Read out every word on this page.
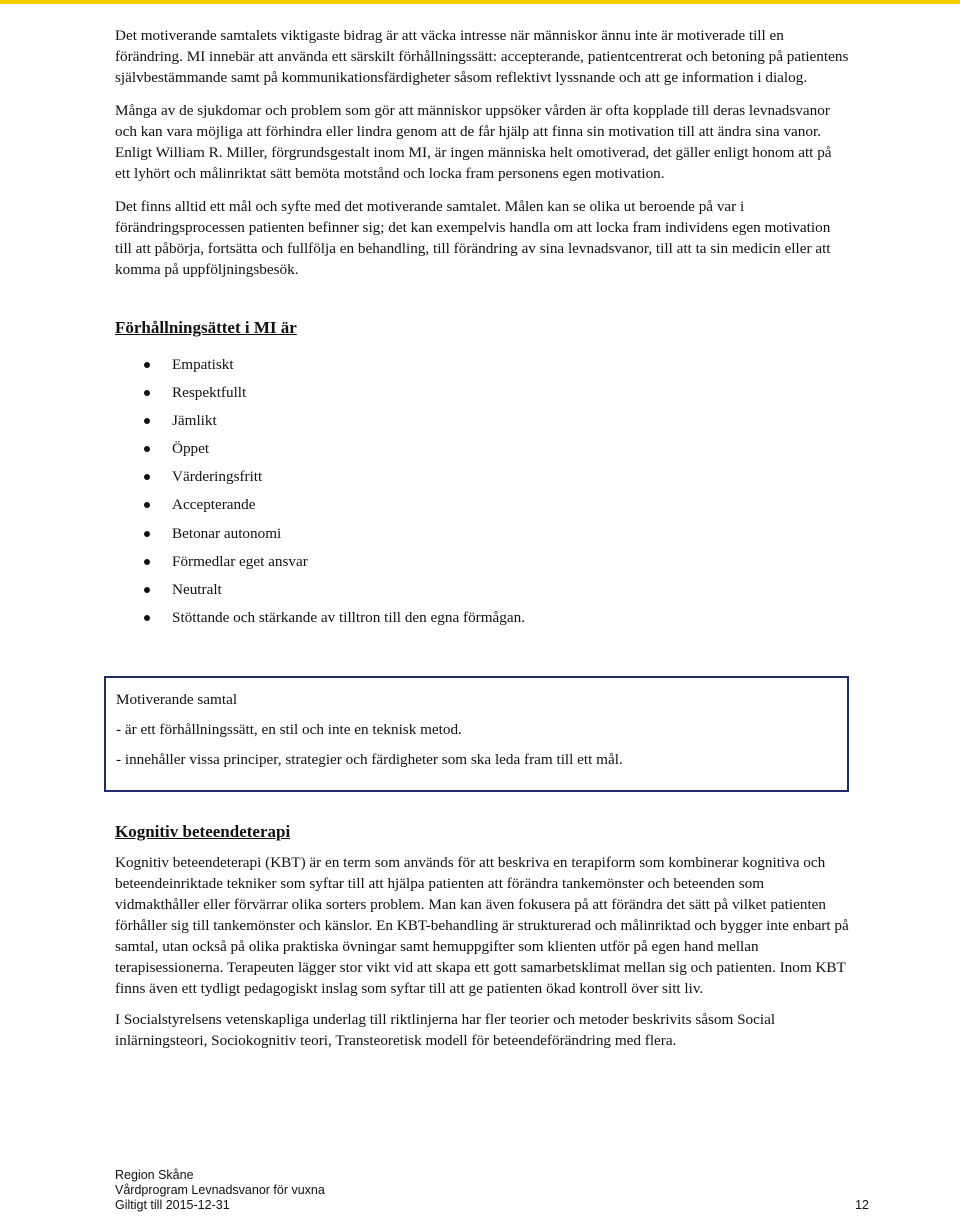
Det motiverande samtalets viktigaste bidrag är att väcka intresse när människor ännu inte är motiverade till en förändring. MI innebär att använda ett särskilt förhållningssätt: accepterande, patientcentrerat och betoning på patientens självbestämmande samt på kommunikationsfärdigheter såsom reflektivt lyssnande och att ge information i dialog.

Många av de sjukdomar och problem som gör att människor uppsöker vården är ofta kopplade till deras levnadsvanor och kan vara möjliga att förhindra eller lindra genom att de får hjälp att finna sin motivation till att ändra sina vanor. Enligt William R. Miller, förgrundsgestalt inom MI, är ingen människa helt omotiverad, det gäller enligt honom att på ett lyhört och målinriktat sätt bemöta motstånd och locka fram personens egen motivation.

Det finns alltid ett mål och syfte med det motiverande samtalet. Målen kan se olika ut beroende på var i förändringsprocessen patienten befinner sig; det kan exempelvis handla om att locka fram individens egen motivation till att påbörja, fortsätta och fullfölja en behandling, till förändring av sina levnadsvanor, till att ta sin medicin eller att komma på uppföljningsbesök.

Förhållningsättet i MI är
Empatiskt
Respektfullt
Jämlikt
Öppet
Värderingsfritt
Accepterande
Betonar autonomi
Förmedlar eget ansvar
Neutralt
Stöttande och stärkande av tilltron till den egna förmågan.

Motiverande samtal

- är ett förhållningssätt, en stil och inte en teknisk metod.

- innehåller vissa principer, strategier och färdigheter som ska leda fram till ett mål.

Kognitiv beteendeterapi

Kognitiv beteendeterapi (KBT) är en term som används för att beskriva en terapiform som kombinerar kognitiva och beteendeinriktade tekniker som syftar till att hjälpa patienten att förändra tankemönster och beteenden som vidmakthåller eller förvärrar olika sorters problem. Man kan även fokusera på att förändra det sätt på vilket patienten förhåller sig till tankemönster och känslor. En KBT-behandling är strukturerad och målinriktad och bygger inte enbart på samtal, utan också på olika praktiska övningar samt hemuppgifter som klienten utför på egen hand mellan terapisessionerna. Terapeuten lägger stor vikt vid att skapa ett gott samarbetsklimat mellan sig och patienten. Inom KBT finns även ett tydligt pedagogiskt inslag som syftar till att ge patienten ökad kontroll över sitt liv.

I Socialstyrelsens vetenskapliga underlag till riktlinjerna har fler teorier och metoder beskrivits såsom Social inlärningsteori, Sociokognitiv teori, Transteoretisk modell för beteendeförändring med flera.

Region Skåne
Vårdprogram Levnadsvanor för vuxna
Giltigt till 2015-12-31	12
